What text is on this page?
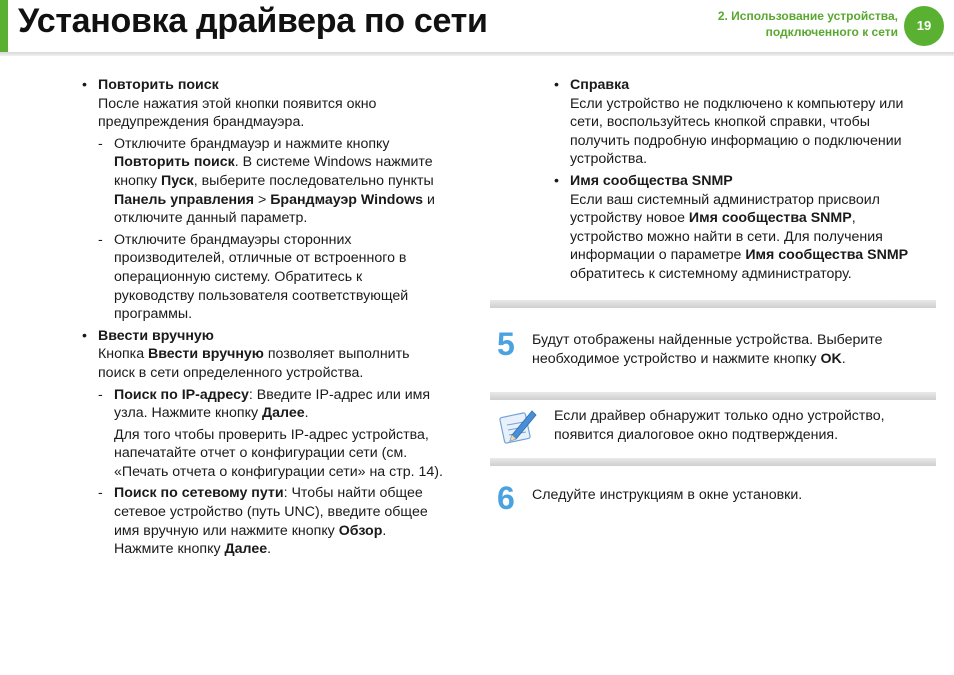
Установка драйвера по сети	2. Использование устройства,
подключенного к сети	19

• Повторить поиск

После нажатия этой кнопки появится окно

предупреждения брандмауэра.

- Отключите брандмауэр и нажмите кнопку

Повторить поиск. В системе Windows нажмите

кнопку Пуск, выберите последовательно пункты

Панель управления > Брандмауэр Windows и

отключите данный параметр.

- Отключите брандмауэры сторонних

производителей, отличные от встроенного в

операционную систему. Обратитесь к

руководству пользователя соответствующей

программы.

• Ввести вручную

Кнопка Ввести вручную позволяет выполнить

поиск в сети определенного устройства.

- Поиск по IP-адресу: Введите IP-адрес или имя

узла. Нажмите кнопку Далее.

Для того чтобы проверить IP-адрес устройства,

напечатайте отчет о конфигурации сети (см.

«Печать отчета о конфигурации сети» на стр. 14).

- Поиск по сетевому пути: Чтобы найти общее

сетевое устройство (путь UNC), введите общее

имя вручную или нажмите кнопку Обзор.

Нажмите кнопку Далее.

• Справка

Если устройство не подключено к компьютеру или

сети, воспользуйтесь кнопкой справки, чтобы

получить подробную информацию о подключении

устройства.

• Имя сообщества SNMP

Если ваш системный администратор присвоил

устройству новое Имя сообщества SNMP,

устройство можно найти в сети. Для получения

информации о параметре Имя сообщества SNMP

обратитесь к системному администратору.

5 Будут отображены найденные устройства. Выберите
необходимое устройство и нажмите кнопку OK.
Если драйвер обнаружит только одно устройство,
появится диалоговое окно подтверждения.
6 Следуйте инструкциям в окне установки.
